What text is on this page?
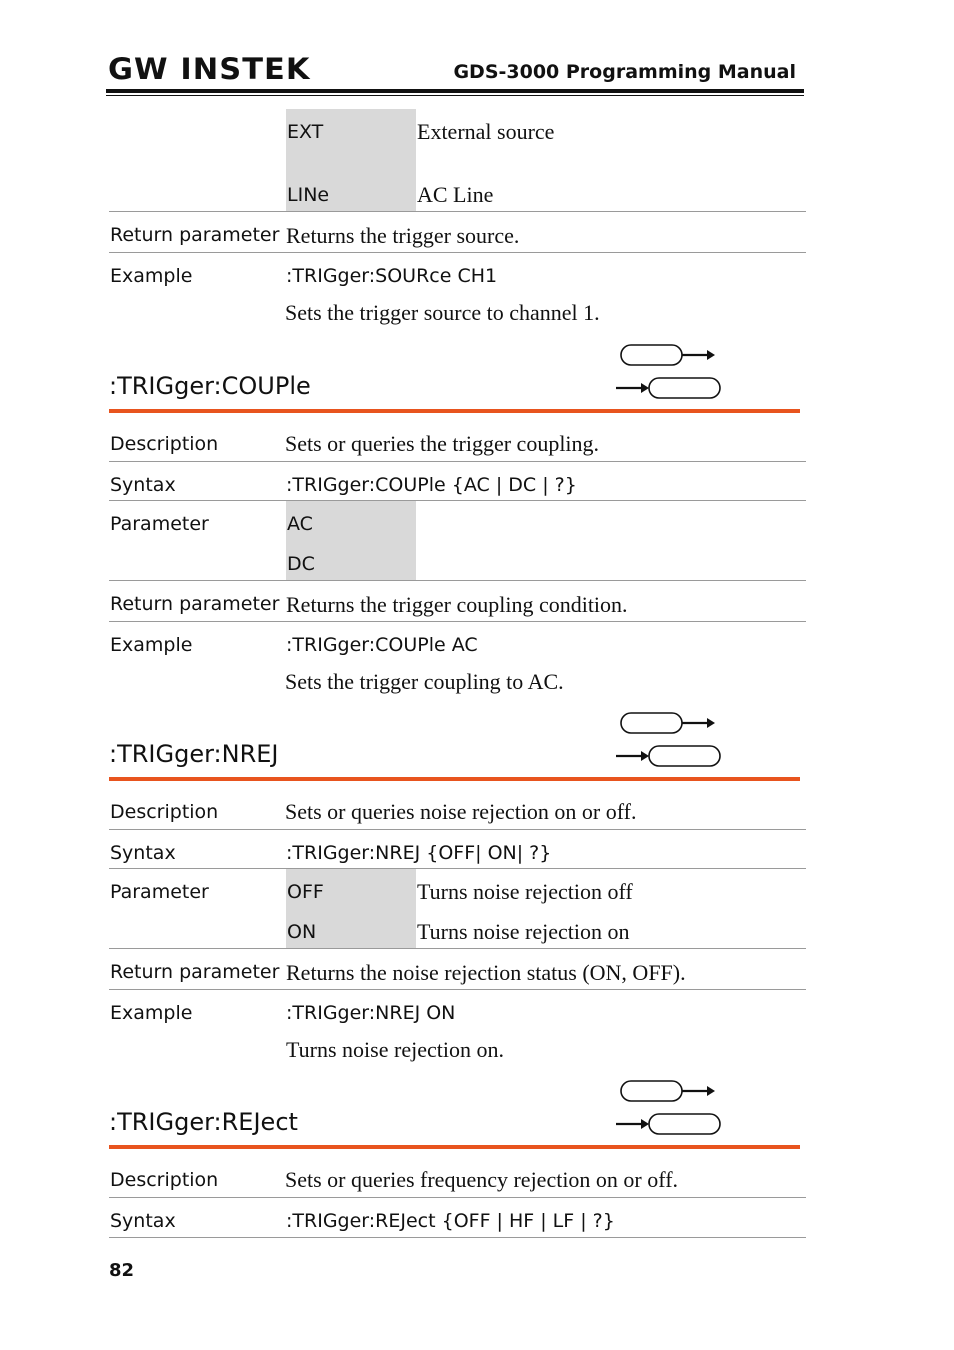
GW INSTEK	GDS-3000 Programming Manual
EXT	External source
LINe	AC Line
Return parameter Returns the trigger source.
Example	:TRIGger:SOURce CH1
Sets the trigger source to channel 1.
:TRIGger:COUPle
Description	Sets or queries the trigger coupling.
Syntax	:TRIGger:COUPle {AC | DC | ?}
Parameter	AC
DC
Return parameter Returns the trigger coupling condition.
Example	:TRIGger:COUPle AC
Sets the trigger coupling to AC.
:TRIGger:NREJ
Description	Sets or queries noise rejection on or off.
Syntax	:TRIGger:NREJ {OFF| ON| ?}
Parameter	OFF	Turns noise rejection off
ON	Turns noise rejection on
Return parameter Returns the noise rejection status (ON, OFF).
Example	:TRIGger:NREJ ON
Turns noise rejection on.
:TRIGger:REJect
Description	Sets or queries frequency rejection on or off.
Syntax	:TRIGger:REJect {OFF | HF | LF | ?}
82
